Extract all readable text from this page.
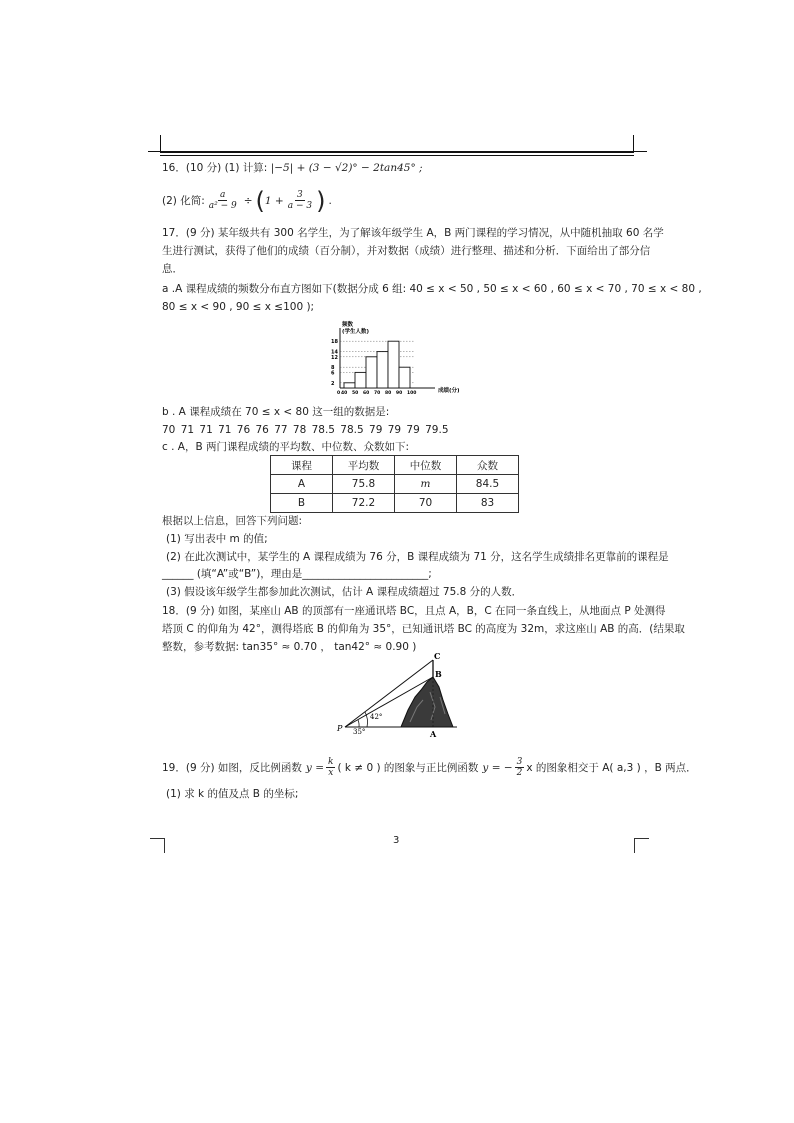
16．(10 分) (1) 计算: |−5| + (3 − √2)° − 2tan45° ;
(2) 化简: $\frac{a}{\text{a² − 9}}$ ÷ ( $1 + \frac{3}{a - 3}$ ) .
17．(9 分) 某年级共有 300 名学生，为了解该年级学生 A，B 两门课程的学习情况，从中随机抽取 60 名学
生进行测试，获得了他们的成绩（百分制），并对数据（成绩）进行整理、描述和分析．下面给出了部分信
息．
a .A 课程成绩的频数分布直方图如下(数据分成 6 组: 40 ≤ x < 50 , 50 ≤ x < 60 , 60 ≤ x < 70 , 70 ≤ x < 80 ,
80 ≤ x < 90 , 90 ≤ x ≤100 );
频数
(学生人数)
成绩(分)
18
14
12
8
6
2
0 40 50 60 70 80 90 100
b . A 课程成绩在 70 ≤ x < 80 这一组的数据是:
70 71 71 71 76 76 77 78 78.5 78.5 79 79 79 79.5
c . A，B 两门课程成绩的平均数、中位数、众数如下:
课程	平均数	中位数	众数
A	75.8	m	84.5
B	72.2	70	83
根据以上信息，回答下列问题:
(1) 写出表中 m 的值;
(2) 在此次测试中，某学生的 A 课程成绩为 76 分，B 课程成绩为 71 分，这名学生成绩排名更靠前的课程是
______ (填“A”或“B”)，理由是________________________;
(3) 假设该年级学生都参加此次测试，估计 A 课程成绩超过 75.8 分的人数．
18．(9 分) 如图，某座山 AB 的顶部有一座通讯塔 BC，且点 A，B，C 在同一条直线上，从地面点 P 处测得
塔顶 C 的仰角为 42°，测得塔底 B 的仰角为 35°，已知通讯塔 BC 的高度为 32m，求这座山 AB 的高．(结果取
整数，参考数据: tan35° ≈ 0.70 ， tan42° ≈ 0.90 )
C
B
A
P
42°
35°
19．(9 分) 如图，反比例函数 $y = \frac{k}{x}$ ( k ≠ 0 ) 的图象与正比例函数 y = − $\frac{3}{2}$ x 的图象相交于 A( a,3 ) ，B 两点．
(1) 求 k 的值及点 B 的坐标;
3
